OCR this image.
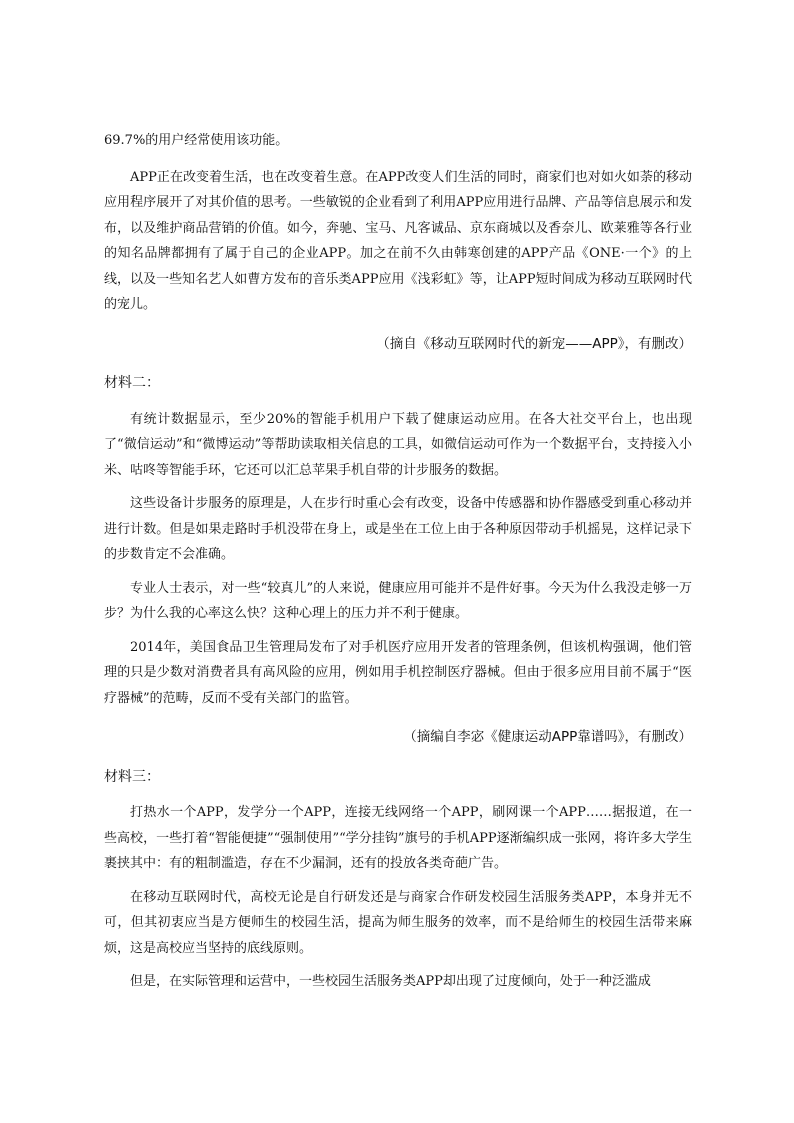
69.7%的用户经常使用该功能。

APP正在改变着生活，也在改变着生意。在APP改变人们生活的同时，商家们也对如火如荼的移动应用程序展开了对其价值的思考。一些敏锐的企业看到了利用APP应用进行品牌、产品等信息展示和发布，以及维护商品营销的价值。如今，奔驰、宝马、凡客诚品、京东商城以及香奈儿、欧莱雅等各行业的知名品牌都拥有了属于自己的企业APP。加之在前不久由韩寒创建的APP产品《ONE·一个》的上线，以及一些知名艺人如曹方发布的音乐类APP应用《浅彩虹》等，让APP短时间成为移动互联网时代的宠儿。

（摘自《移动互联网时代的新宠——APP》，有删改）

材料二：

有统计数据显示，至少20%的智能手机用户下载了健康运动应用。在各大社交平台上，也出现了“微信运动”和“微博运动”等帮助读取相关信息的工具，如微信运动可作为一个数据平台，支持接入小米、咕咚等智能手环，它还可以汇总苹果手机自带的计步服务的数据。

这些设备计步服务的原理是，人在步行时重心会有改变，设备中传感器和协作器感受到重心移动并进行计数。但是如果走路时手机没带在身上，或是坐在工位上由于各种原因带动手机摇晃，这样记录下的步数肯定不会准确。

专业人士表示，对一些“较真儿”的人来说，健康应用可能并不是件好事。今天为什么我没走够一万步？为什么我的心率这么快？这种心理上的压力并不利于健康。

2014年，美国食品卫生管理局发布了对手机医疗应用开发者的管理条例，但该机构强调，他们管理的只是少数对消费者具有高风险的应用，例如用手机控制医疗器械。但由于很多应用目前不属于“医疗器械”的范畴，反而不受有关部门的监管。

（摘编自李宓《健康运动APP靠谱吗》，有删改）

材料三：

打热水一个APP，发学分一个APP，连接无线网络一个APP，刷网课一个APP……据报道，在一些高校，一些打着“智能便捷”“强制使用”“学分挂钩”旗号的手机APP逐渐编织成一张网，将许多大学生裹挟其中：有的粗制滥造，存在不少漏洞，还有的投放各类奇葩广告。

在移动互联网时代，高校无论是自行研发还是与商家合作研发校园生活服务类APP，本身并无不可，但其初衷应当是方便师生的校园生活，提高为师生服务的效率，而不是给师生的校园生活带来麻烦，这是高校应当坚持的底线原则。

但是，在实际管理和运营中，一些校园生活服务类APP却出现了过度倾向，处于一种泛滥成
